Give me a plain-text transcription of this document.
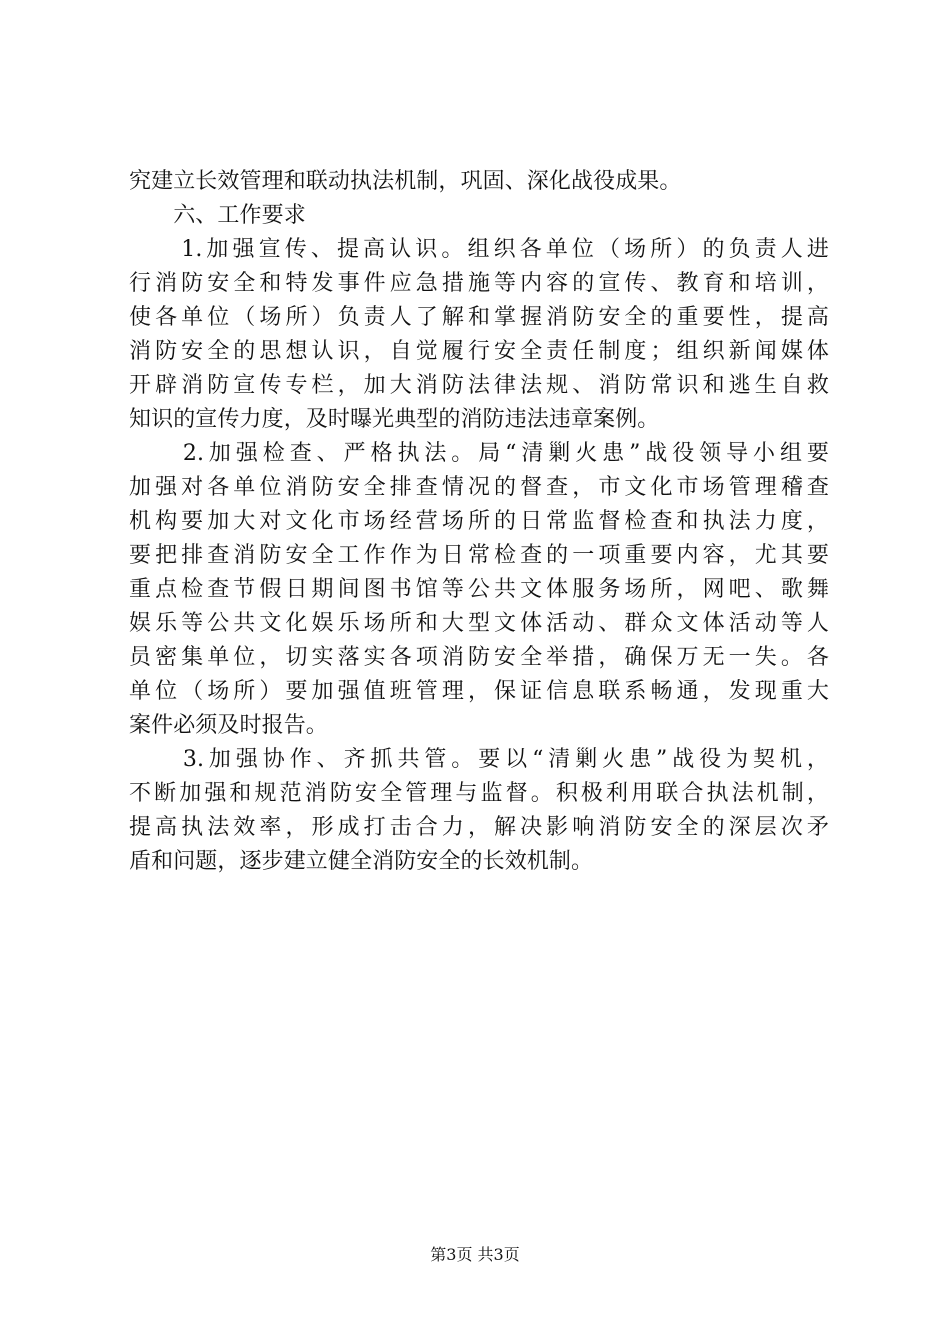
究建立长效管理和联动执法机制，巩固、深化战役成果。
　　六、工作要求
　　1.加强宣传、提高认识。组织各单位（场所）的负责人进
行消防安全和特发事件应急措施等内容的宣传、教育和培训，
使各单位（场所）负责人了解和掌握消防安全的重要性，提高
消防安全的思想认识，自觉履行安全责任制度；组织新闻媒体
开辟消防宣传专栏，加大消防法律法规、消防常识和逃生自救
知识的宣传力度，及时曝光典型的消防违法违章案例。
　　2.加强检查、严格执法。局“清剿火患”战役领导小组要
加强对各单位消防安全排查情况的督查，市文化市场管理稽查
机构要加大对文化市场经营场所的日常监督检查和执法力度，
要把排查消防安全工作作为日常检查的一项重要内容，尤其要
重点检查节假日期间图书馆等公共文体服务场所，网吧、歌舞
娱乐等公共文化娱乐场所和大型文体活动、群众文体活动等人
员密集单位，切实落实各项消防安全举措，确保万无一失。各
单位（场所）要加强值班管理，保证信息联系畅通，发现重大
案件必须及时报告。
　　3.加强协作、齐抓共管。要以“清剿火患”战役为契机，
不断加强和规范消防安全管理与监督。积极利用联合执法机制，
提高执法效率，形成打击合力，解决影响消防安全的深层次矛
盾和问题，逐步建立健全消防安全的长效机制。
第3页 共3页
